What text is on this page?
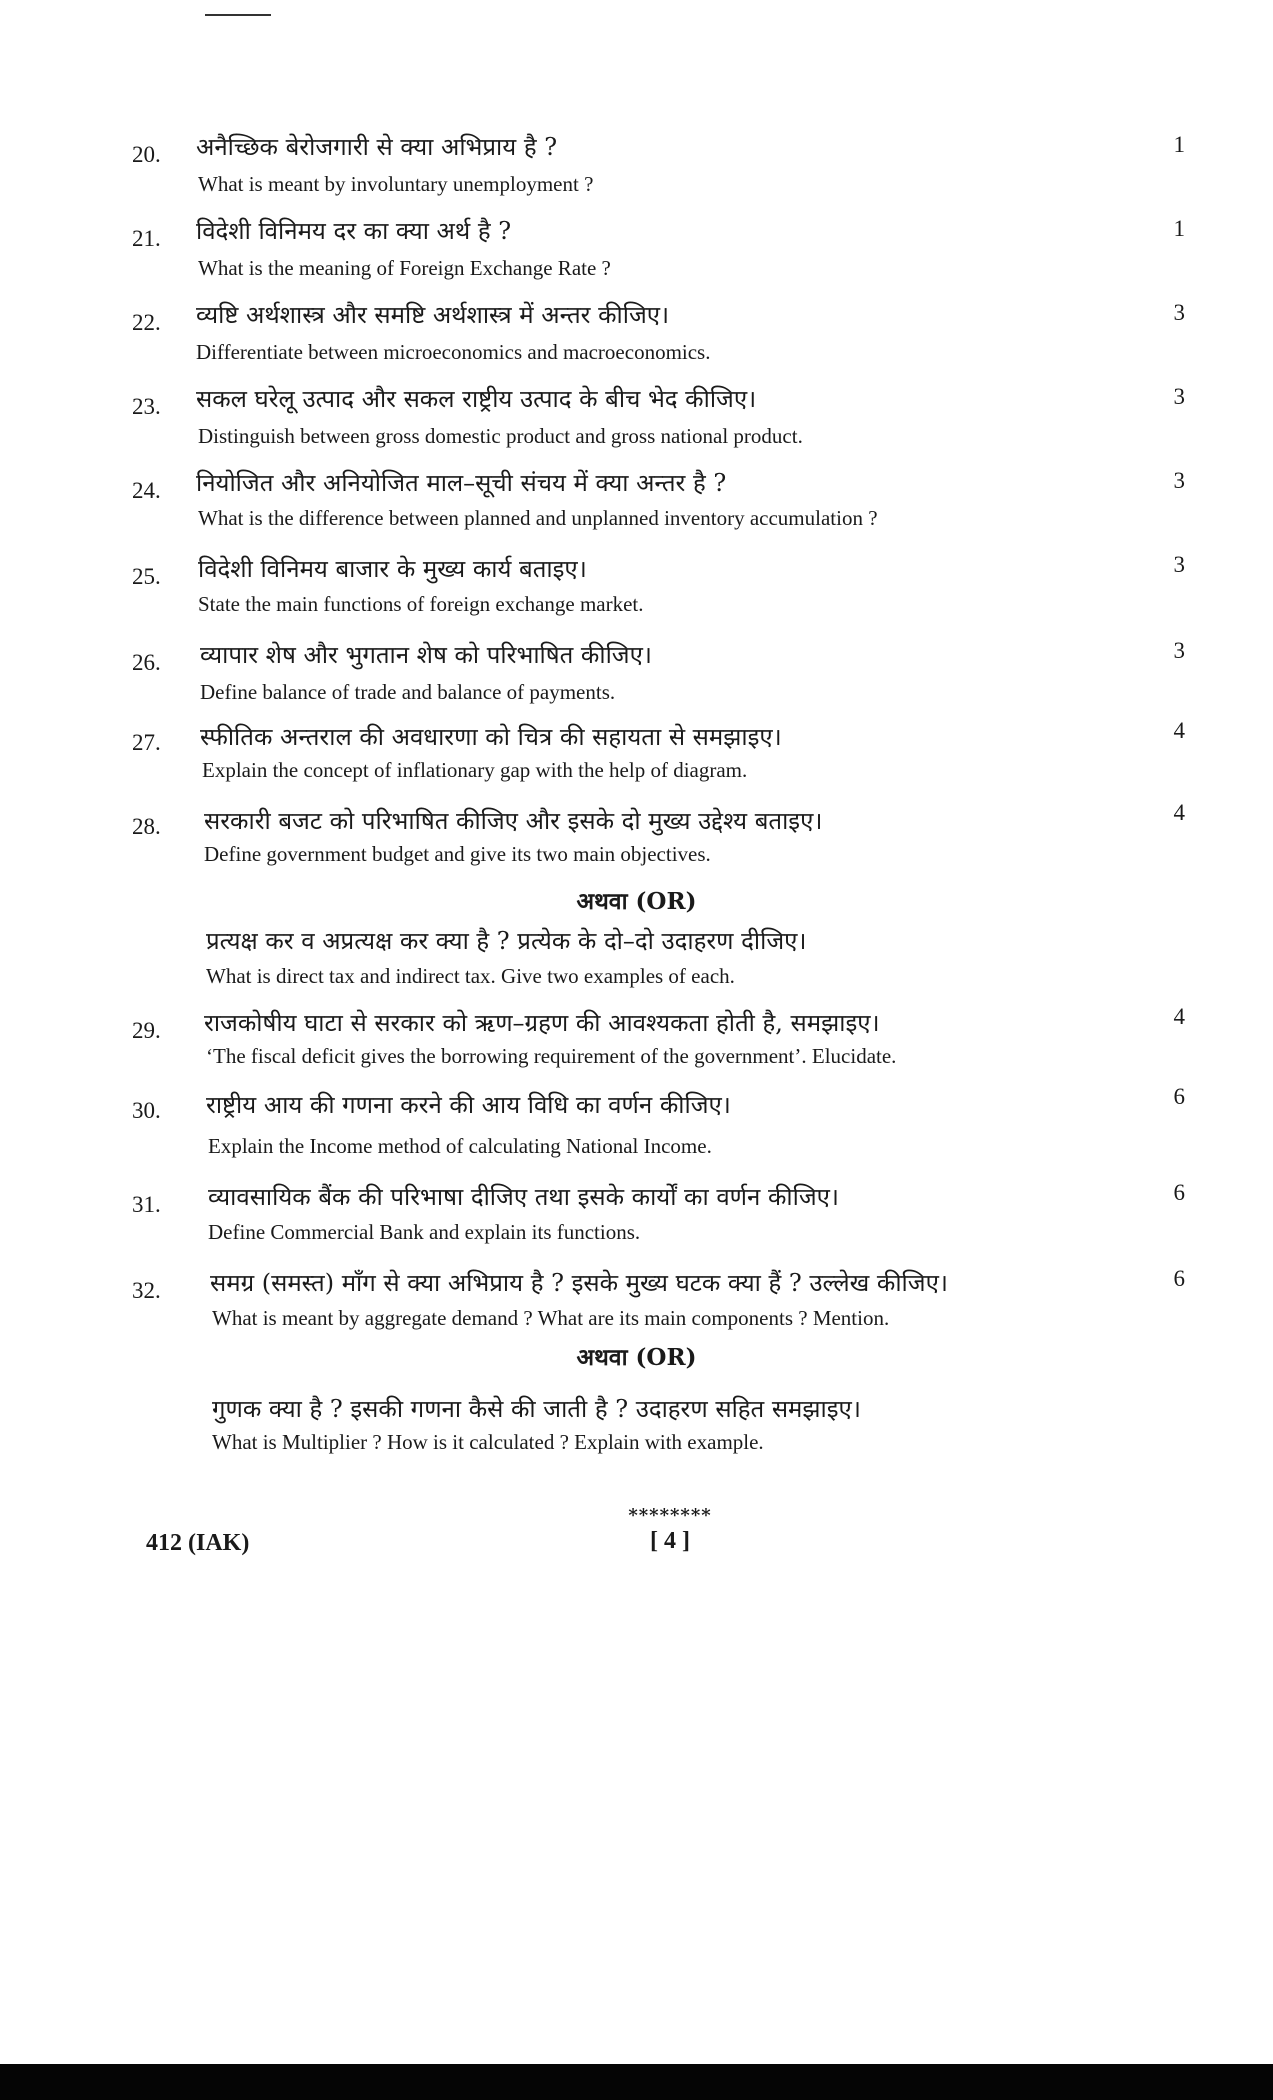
20. अनैच्छिक बेरोजगारी से क्या अभिप्राय है ?
What is meant by involuntary unemployment ?
1
21. विदेशी विनिमय दर का क्या अर्थ है ?
What is the meaning of Foreign Exchange Rate ?
1
22. व्यष्टि अर्थशास्त्र और समष्टि अर्थशास्त्र में अन्तर कीजिए।
Differentiate between microeconomics and macroeconomics.
3
23. सकल घरेलू उत्पाद और सकल राष्ट्रीय उत्पाद के बीच भेद कीजिए।
Distinguish between gross domestic product and gross national product.
3
24. नियोजित और अनियोजित माल–सूची संचय में क्या अन्तर है ?
What is the difference between planned and unplanned inventory accumulation ?
3
25. विदेशी विनिमय बाजार के मुख्य कार्य बताइए।
State the main functions of foreign exchange market.
3
26. व्यापार शेष और भुगतान शेष को परिभाषित कीजिए।
Define balance of trade and balance of payments.
3
27. स्फीतिक अन्तराल की अवधारणा को चित्र की सहायता से समझाइए।
Explain the concept of inflationary gap with the help of diagram.
4
28. सरकारी बजट को परिभाषित कीजिए और इसके दो मुख्य उद्देश्य बताइए।
Define government budget and give its two main objectives.
4
अथवा (OR)
प्रत्यक्ष कर व अप्रत्यक्ष कर क्या है ? प्रत्येक के दो–दो उदाहरण दीजिए।
What is direct tax and indirect tax. Give two examples of each.
29. राजकोषीय घाटा से सरकार को ऋण–ग्रहण की आवश्यकता होती है, समझाइए।
‘The fiscal deficit gives the borrowing requirement of the government’. Elucidate.
4
30. राष्ट्रीय आय की गणना करने की आय विधि का वर्णन कीजिए।
Explain the Income method of calculating National Income.
6
31. व्यावसायिक बैंक की परिभाषा दीजिए तथा इसके कार्यों का वर्णन कीजिए।
Define Commercial Bank and explain its functions.
6
32. समग्र (समस्त) माँग से क्या अभिप्राय है ? इसके मुख्य घटक क्या हैं ? उल्लेख कीजिए।
What is meant by aggregate demand ? What are its main components ? Mention.
6
अथवा (OR)
गुणक क्या है ? इसकी गणना कैसे की जाती है ? उदाहरण सहित समझाइए।
What is Multiplier ? How is it calculated ? Explain with example.
********
412 (IAK)	[ 4 ]
